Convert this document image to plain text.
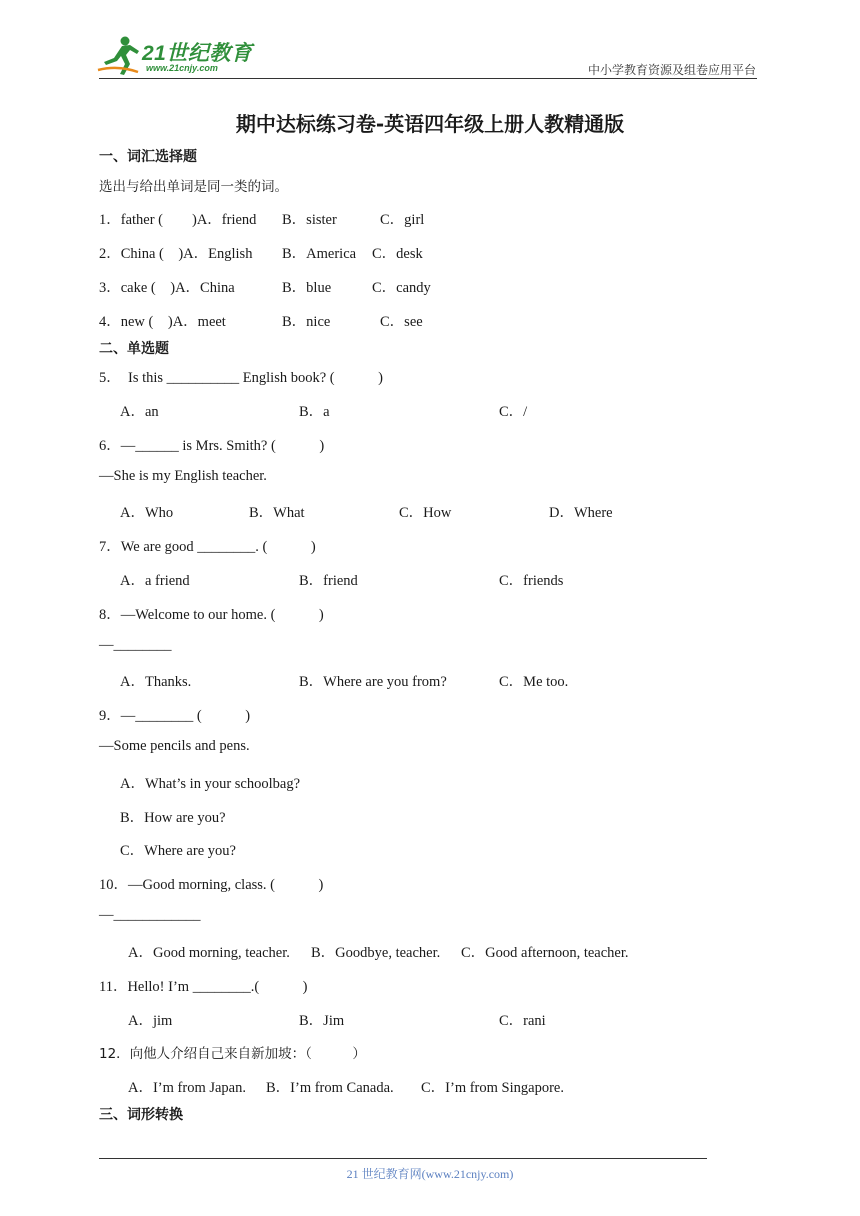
21世纪教育
www.21cnjy.com	中小学教育资源及组卷应用平台
期中达标练习卷-英语四年级上册人教精通版
一、词汇选择题
选出与给出单词是同一类的词。
1．father (　　)A．friend B．sister	C．girl
2．China (　)A．English B．America C．desk
3．cake (　)A．China	B．blue	C．candy
4．new (　)A．meet	B．nice	C．see
二、单选题
5．　Is this __________ English book? (　　　)
A．an	B．a	C．/
6．—______ is Mrs. Smith? (　　　)
—She is my English teacher.
A．Who	B．What	C．How	D．Where
7．We are good ________. (　　　)
A．a friend	B．friend	C．friends
8．—Welcome to our home. (　　　)
—________
A．Thanks.	B．Where are you from?	C．Me too.
9．—________ (　　　)
—Some pencils and pens.
A．What’s in your schoolbag?
B．How are you?
C．Where are you?
10．—Good morning, class. (　　　)
—____________
A．Good morning, teacher. B．Goodbye, teacher. C．Good afternoon, teacher.
11．Hello! I’m ________.(　　　)
A．jim	B．Jim	C．rani
12．向他人介绍自己来自新加坡：（　　　）
A．I’m from Japan. B．I’m from Canada. C．I’m from Singapore.
三、词形转换
21 世纪教育网(www.21cnjy.com)
